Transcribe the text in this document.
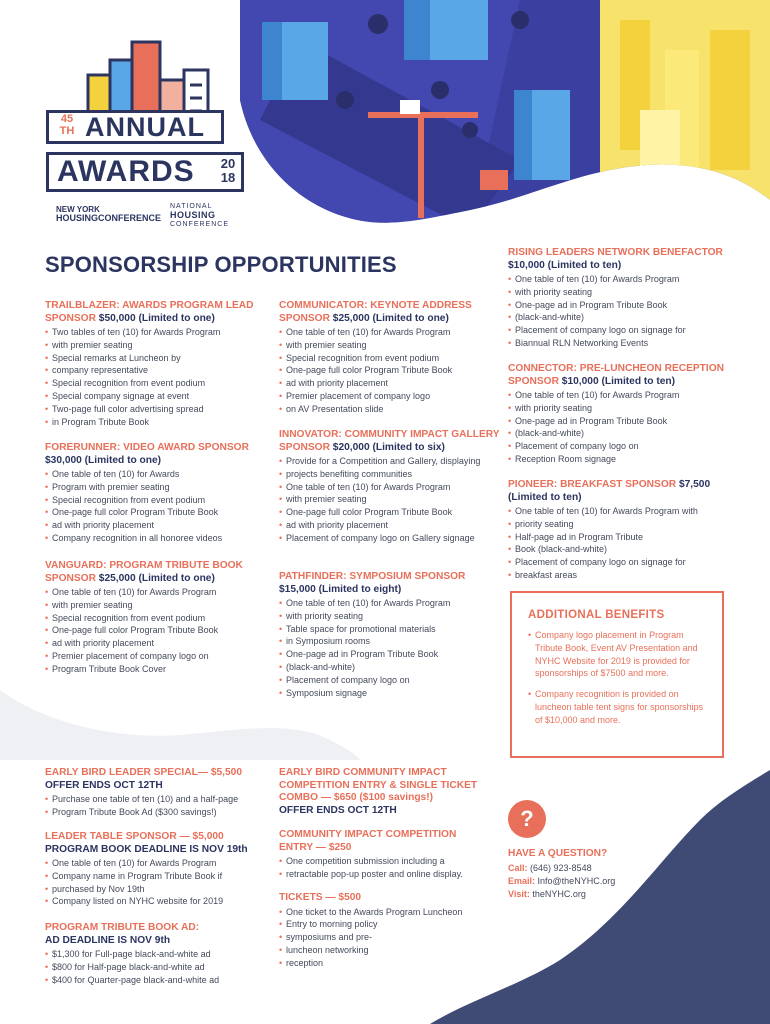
ANNUAL
45
TH
AWARDS	20
18
NEW YORK
HOUSINGCONFERENCE
NATIONAL
HOUSING
CONFERENCE
SPONSORSHIP OPPORTUNITIES
TRAILBLAZER: AWARDS PROGRAM LEAD SPONSOR $50,000 (Limited to one)
• Two tables of ten (10) for Awards Program
• with premier seating
• Special remarks at Luncheon by
• company representative
• Special recognition from event podium
• Special company signage at event
• Two-page full color advertising spread
• in Program Tribute Book
FORERUNNER: VIDEO AWARD SPONSOR
$30,000 (Limited to one)
• One table of ten (10) for Awards
• Program with premier seating
• Special recognition from event podium
• One-page full color Program Tribute Book
• ad with priority placement
• Company recognition in all honoree videos
VANGUARD: PROGRAM TRIBUTE BOOK SPONSOR $25,000 (Limited to one)
• One table of ten (10) for Awards Program
• with premier seating
• Special recognition from event podium
• One-page full color Program Tribute Book
• ad with priority placement
• Premier placement of company logo on
• Program Tribute Book Cover
COMMUNICATOR: KEYNOTE ADDRESS SPONSOR $25,000 (Limited to one)
• One table of ten (10) for Awards Program
• with premier seating
• Special recognition from event podium
• One-page full color Program Tribute Book
• ad with priority placement
• Premier placement of company logo
• on AV Presentation slide
INNOVATOR: COMMUNITY IMPACT GALLERY SPONSOR $20,000 (Limited to six)
• Provide for a Competition and Gallery, displaying
• projects benefiting communities
• One table of ten (10) for Awards Program
• with premier seating
• One-page full color Program Tribute Book
• ad with priority placement
• Placement of company logo on Gallery signage
PATHFINDER: SYMPOSIUM SPONSOR
$15,000 (Limited to eight)
• One table of ten (10) for Awards Program
• with priority seating
• Table space for promotional materials
• in Symposium rooms
• One-page ad in Program Tribute Book
• (black-and-white)
• Placement of company logo on
• Symposium signage
RISING LEADERS NETWORK BENEFACTOR $10,000 (Limited to ten)
• One table of ten (10) for Awards Program
• with priority seating
• One-page ad in Program Tribute Book
• (black-and-white)
• Placement of company logo on signage for
• Biannual RLN Networking Events
CONNECTOR: PRE-LUNCHEON RECEPTION SPONSOR $10,000 (Limited to ten)
• One table of ten (10) for Awards Program
• with priority seating
• One-page ad in Program Tribute Book
• (black-and-white)
• Placement of company logo on
• Reception Room signage
PIONEER: BREAKFAST SPONSOR $7,500
(Limited to ten)
• One table of ten (10) for Awards Program with
• priority seating
• Half-page ad in Program Tribute
• Book (black-and-white)
• Placement of company logo on signage for
• breakfast areas
ADDITIONAL BENEFITS
• Company logo placement in Program Tribute Book, Event AV Presentation and NYHC Website for 2019 is provided for sponsorships of $7500 and more.
• Company recognition is provided on luncheon table tent signs for sponsorships of $10,000 and more.
EARLY BIRD LEADER SPECIAL— $5,500
OFFER ENDS OCT 12TH
• Purchase one table of ten (10) and a half-page
• Program Tribute Book Ad ($300 savings!)
LEADER TABLE SPONSOR — $5,000
PROGRAM BOOK DEADLINE IS NOV 19th
• One table of ten (10) for Awards Program
• Company name in Program Tribute Book if
• purchased by Nov 19th
• Company listed on NYHC website for 2019
PROGRAM TRIBUTE BOOK AD:
AD DEADLINE IS NOV 9th
• $1,300 for Full-page black-and-white ad
• $800 for Half-page black-and-white ad
• $400 for Quarter-page black-and-white ad
EARLY BIRD COMMUNITY IMPACT COMPETITION ENTRY & SINGLE TICKET COMBO — $650 ($100 savings!)
OFFER ENDS OCT 12TH
COMMUNITY IMPACT COMPETITION ENTRY — $250
• One competition submission including a
• retractable pop-up poster and online display.
TICKETS — $500
• One ticket to the Awards Program Luncheon
• Entry to morning policy
• symposiums and pre-
• luncheon networking
• reception
?
HAVE A QUESTION?
Call: (646) 923-8548
Email: Info@theNYHC.org
Visit: theNYHC.org
